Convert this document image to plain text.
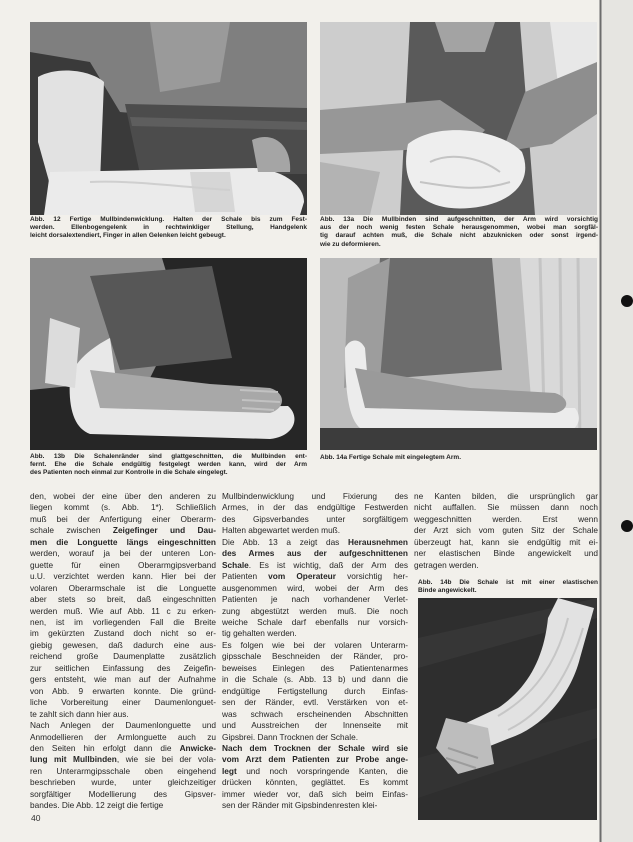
Abb. 12 Fertige Mullbindenwicklung. Halten der Schale bis zum Fest-
werden. Ellenbogengelenk in rechtwinkliger Stellung, Handgelenk
leicht dorsalextendiert, Finger in allen Gelenken leicht gebeugt.
Abb. 13a Die Mullbinden sind aufgeschnitten, der Arm wird vorsichtig
aus der noch wenig festen Schale herausgenommen, wobei man sorgfäl-
tig darauf achten muß, die Schale nicht abzuknicken oder sonst irgend-
wie zu deformieren.
Abb. 13b Die Schalenränder sind glattgeschnitten, die Mullbinden ent-
fernt. Ehe die Schale endgültig festgelegt werden kann, wird der Arm
des Patienten noch einmal zur Kontrolle in die Schale eingelegt.
Abb. 14a Fertige Schale mit eingelegtem Arm.
Abb. 14b Die Schale ist mit einer elastischen
Binde angewickelt.
den, wobei der eine über den anderen zu
liegen kommt (s. Abb. 1*). Schließlich
muß bei der Anfertigung einer Oberarm-
schale zwischen Zeigefinger und Dau-
men die Longuette längs eingeschnitten
werden, worauf ja bei der unteren Lon-
guette für einen Oberarmgipsverband
u.U. verzichtet werden kann. Hier bei der
volaren Oberarmschale ist die Longuette
aber stets so breit, daß eingeschnitten
werden muß. Wie auf Abb. 11 c zu erken-
nen, ist im vorliegenden Fall die Breite
im gekürzten Zustand doch nicht so er-
giebig gewesen, daß dadurch eine aus-
reichend große Daumenplatte zusätzlich
zur seitlichen Einfassung des Zeigefin-
gers entsteht, wie man auf der Aufnahme
von Abb. 9 erwarten konnte. Die gründ-
liche Vorbereitung einer Daumenlonguet-
te zahlt sich dann hier aus.
Nach Anlegen der Daumenlonguette und
Anmodellieren der Armlonguette auch zu
den Seiten hin erfolgt dann die Anwicke-
lung mit Mullbinden, wie sie bei der vola-
ren Unterarmgipsschale oben eingehend
beschrieben wurde, unter gleichzeitiger
sorgfältiger Modellierung des Gipsver-
bandes. Die Abb. 12 zeigt die fertige
Mullbindenwicklung und Fixierung des
Armes, in der das endgültige Festwerden
des Gipsverbandes unter sorgfältigem
Halten abgewartet werden muß.
Die Abb. 13 a zeigt das Herausnehmen
des Armes aus der aufgeschnittenen
Schale. Es ist wichtig, daß der Arm des
Patienten vom Operateur vorsichtig her-
ausgenommen wird, wobei der Arm des
Patienten je nach vorhandener Verlet-
zung abgestützt werden muß. Die noch
weiche Schale darf ebenfalls nur vorsich-
tig gehalten werden.
Es folgen wie bei der volaren Unterarm-
gipsschale Beschneiden der Ränder, pro-
beweises Einlegen des Patientenarmes
in die Schale (s. Abb. 13 b) und dann die
endgültige Fertigstellung durch Einfas-
sen der Ränder, evtl. Verstärken von et-
was schwach erscheinenden Abschnitten
und Ausstreichen der Innenseite mit
Gipsbrei. Dann Trocknen der Schale.
Nach dem Trocknen der Schale wird sie
vom Arzt dem Patienten zur Probe ange-
legt und noch vorspringende Kanten, die
drücken könnten, geglättet. Es kommt
immer wieder vor, daß sich beim Einfas-
sen der Ränder mit Gipsbindenresten klei-
ne Kanten bilden, die ursprünglich gar
nicht auffallen. Sie müssen dann noch
weggeschnitten werden. Erst wenn
der Arzt sich vom guten Sitz der Schale
überzeugt hat, kann sie endgültig mit ei-
ner elastischen Binde angewickelt und
getragen werden.
40
